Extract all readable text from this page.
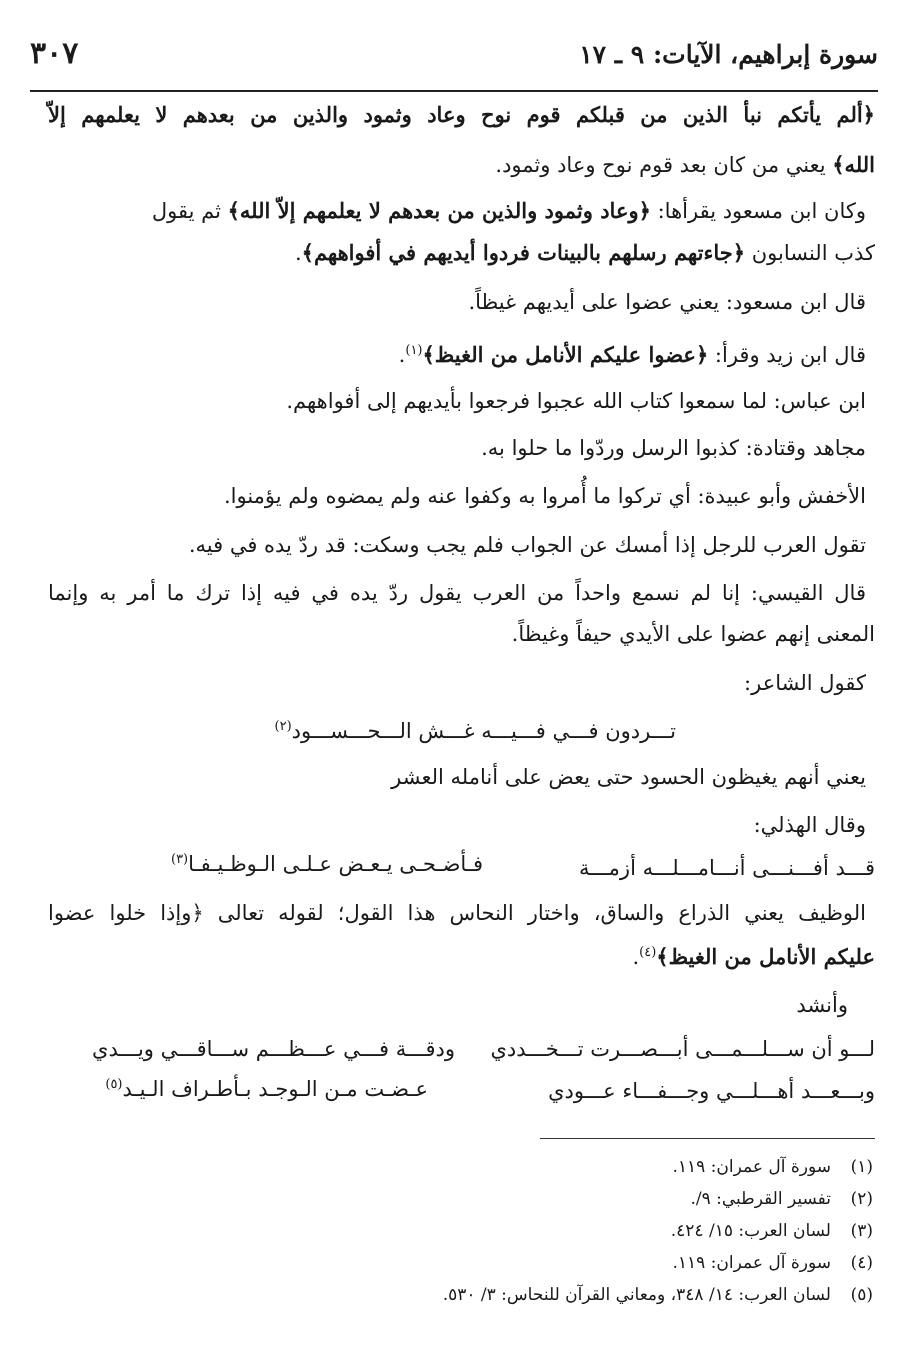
سورة إبراهيم، الآيات: ٩ ـ ١٧
٣٠٧
﴿ألم يأتكم نبأ الذين من قبلكم قوم نوح وعاد وثمود والذين من بعدهم لا يعلمهم إلاّ
الله﴾ يعني من كان بعد قوم نوح وعاد وثمود.
وكان ابن مسعود يقرأها: ﴿وعاد وثمود والذين من بعدهم لا يعلمهم إلاّ الله﴾ ثم يقول
كذب النسابون ﴿جاءتهم رسلهم بالبينات فردوا أيديهم في أفواههم﴾.
قال ابن مسعود: يعني عضوا على أيديهم غيظاً.
قال ابن زيد وقرأ: ﴿عضوا عليكم الأنامل من الغيظ﴾$^{(١)}$.
ابن عباس: لما سمعوا كتاب الله عجبوا فرجعوا بأيديهم إلى أفواههم.
مجاهد وقتادة: كذبوا الرسل وردّوا ما حلوا به.
الأخفش وأبو عبيدة: أي تركوا ما أُمروا به وكفوا عنه ولم يمضوه ولم يؤمنوا.
تقول العرب للرجل إذا أمسك عن الجواب فلم يجب وسكت: قد ردّ يده في فيه.
قال القيسي: إنا لم نسمع واحداً من العرب يقول ردّ يده في فيه إذا ترك ما أمر به وإنما
المعنى إنهم عضوا على الأيدي حيفاً وغيظاً.
كقول الشاعر:
تـــردون فـــي فـــيـــه غـــش الـــحـــســـود$^{(٢)}$
يعني أنهم يغيظون الحسود حتى يعض على أنامله العشر
وقال الهذلي:
قـــد أفـــنـــى أنـــامـــلـــه أزمـــة
فـأضـحـى يـعـض عـلـى الـوظـيـفـا$^{(٣)}$
الوظيف يعني الذراع والساق، واختار النحاس هذا القول؛ لقوله تعالى ﴿وإذا خلوا عضوا
عليكم الأنامل من الغيظ﴾$^{(٤)}$.
وأنشد
لـــو أن ســـلـــمـــى أبـــصـــرت تـــخـــددي
ودقـــة فـــي عـــظـــم ســـاقـــي ويـــدي
وبـــعـــد أهـــلـــي وجـــفـــاء عـــودي
عـضـت مـن الـوجـد بـأطـراف الـيـد$^{(٥)}$
(١)سورة آل عمران: ١١٩.
(٢)تفسير القرطبي: ٩/.
(٣)لسان العرب: ١٥/ ٤٢٤.
(٤)سورة آل عمران: ١١٩.
(٥)لسان العرب: ١٤/ ٣٤٨، ومعاني القرآن للنحاس: ٣/ ٥٣٠.
